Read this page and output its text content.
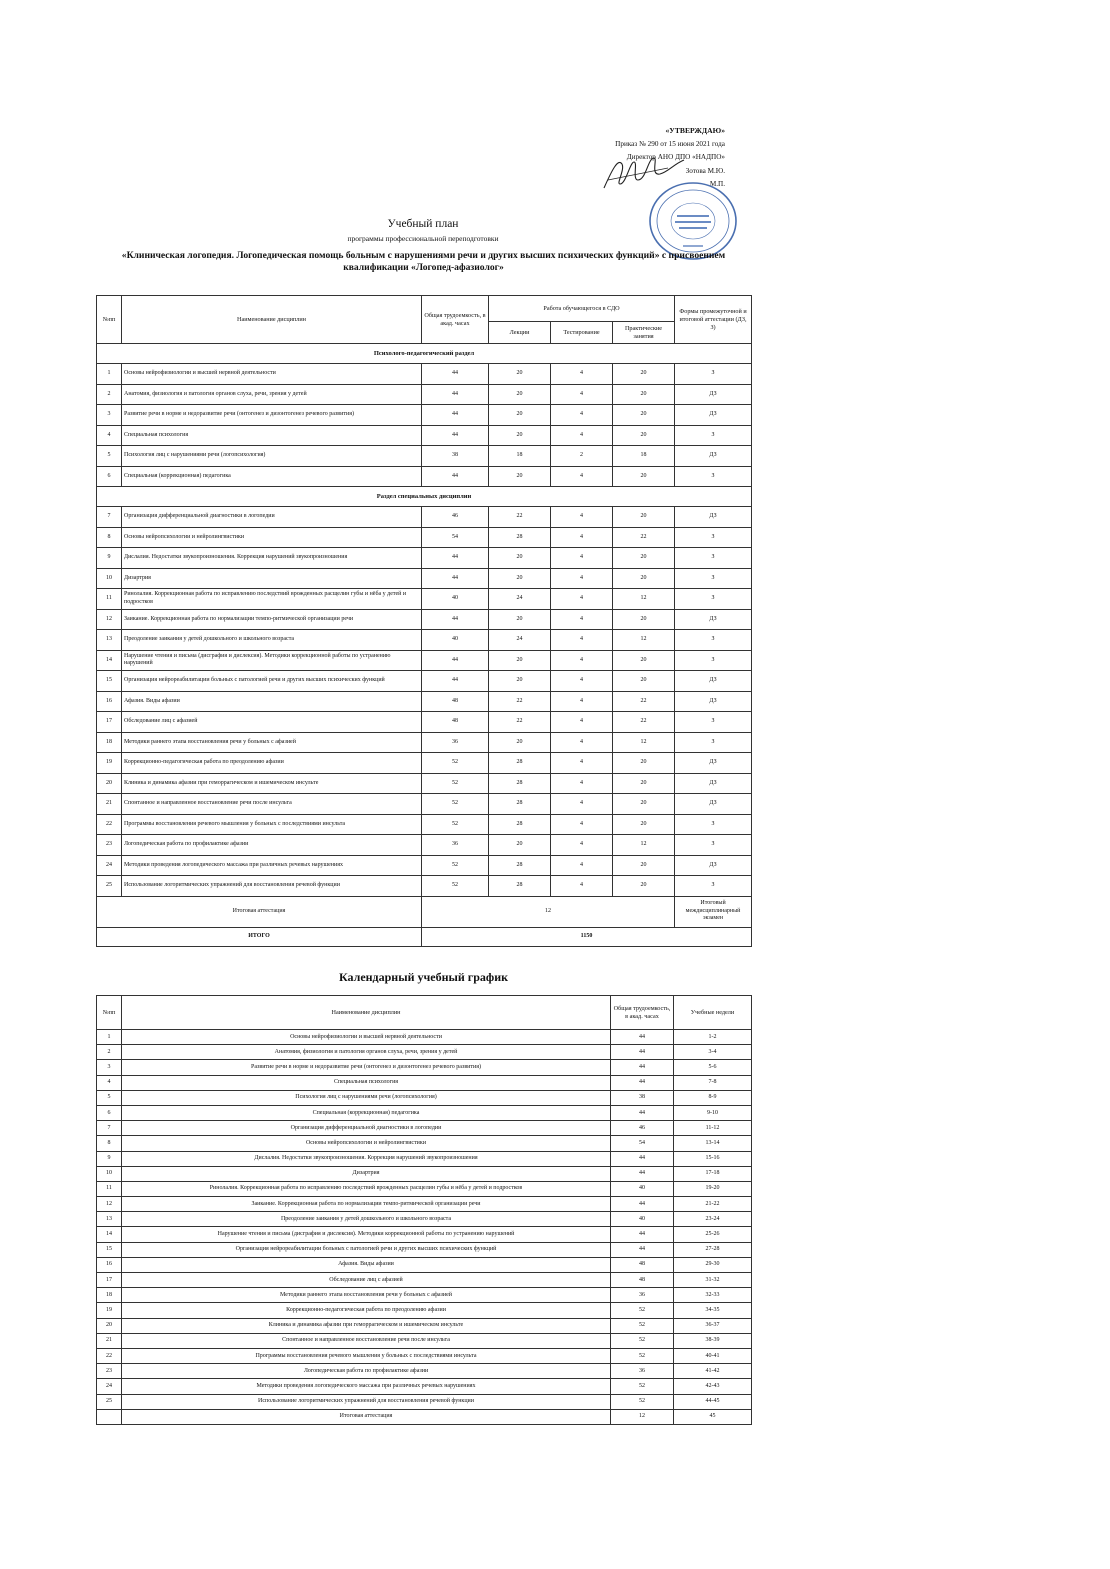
«УТВЕРЖДАЮ»
Приказ № 290 от 15 июня 2021 года
Директор АНО ДПО «НАДПО»
Зотова М.Ю.
М.П.
Учебный план
программы профессиональной переподготовки
«Клиническая логопедия. Логопедическая помощь больным с нарушениями речи и других высших психических функций» с присвоением квалификации «Логопед-афазиолог»
№пп	Наименование дисциплин	Общая трудоемкость, в акад. часах	Работа обучающегося в СДО			Формы промежуточной и итоговой аттестации (ДЗ, З)
			Лекции	Тестирование	Практические занятия	
Психолого-педагогический раздел						
1	Основы нейрофизиологии и высшей нервной деятельности	44	20	4	20	З
2	Анатомия, физиология и патология органов слуха, речи, зрения у детей	44	20	4	20	ДЗ
3	Развитие речи в норме и недоразвитие речи (онтогенез и дизонтогенез речевого развития)	44	20	4	20	ДЗ
4	Специальная психология	44	20	4	20	З
5	Психология лиц с нарушениями речи (логопсихология)	38	18	2	18	ДЗ
6	Специальная (коррекционная) педагогика	44	20	4	20	З
Раздел специальных дисциплин						
7	Организация дифференциальной диагностики в логопедии	46	22	4	20	ДЗ
8	Основы нейропсихологии и нейролингвистики	54	28	4	22	З
9	Дислалия. Недостатки звукопроизношения. Коррекция нарушений звукопроизношения	44	20	4	20	З
10	Дизартрия	44	20	4	20	З
11	Ринолалия. Коррекционная работа по исправлению последствий врожденных расщелин губы и нёба у детей и подростков	40	24	4	12	З
12	Заикание. Коррекционная работа по нормализации темпо-ритмической организации речи	44	20	4	20	ДЗ
13	Преодоление заикания у детей дошкольного и школьного возраста	40	24	4	12	З
14	Нарушение чтения и письма (дисграфия и дислексия). Методики коррекционной работы по устранению нарушений	44	20	4	20	З
15	Организация нейрореабилитации больных с патологией речи и других высших психических функций	44	20	4	20	ДЗ
16	Афазия. Виды афазии	48	22	4	22	ДЗ
17	Обследование лиц с афазией	48	22	4	22	З
18	Методики раннего этапа восстановления речи у больных с афазией	36	20	4	12	З
19	Коррекционно-педагогическая работа по преодолению афазии	52	28	4	20	ДЗ
20	Клиника и динамика афазии при геморрагическом и ишемическом инсульте	52	28	4	20	ДЗ
21	Спонтанное и направленное восстановление речи после инсульта	52	28	4	20	ДЗ
22	Программы восстановления речевого мышления у больных с последствиями инсульта	52	28	4	20	З
23	Логопедическая работа по профилактике афазии	36	20	4	12	З
24	Методики проведения логопедического массажа при различных речевых нарушениях	52	28	4	20	ДЗ
25	Использование логоритмических упражнений для восстановления речевой функции	52	28	4	20	З
Итоговая аттестация		12				Итоговый междисциплинарный экзамен
ИТОГО		1150				
Календарный учебный график
№пп	Наименование дисциплин	Общая трудоемкость, в акад. часах	Учебные недели
1	Основы нейрофизиологии и высшей нервной деятельности	44	1-2
2	Анатомия, физиология и патология органов слуха, речи, зрения у детей	44	3-4
3	Развитие речи в норме и недоразвитие речи (онтогенез и дизонтогенез речевого развития)	44	5-6
4	Специальная психология	44	7-8
5	Психология лиц с нарушениями речи (логопсихология)	38	8-9
6	Специальная (коррекционная) педагогика	44	9-10
7	Организация дифференциальной диагностики в логопедии	46	11-12
8	Основы нейропсихологии и нейролингвистики	54	13-14
9	Дислалия. Недостатки звукопроизношения. Коррекция нарушений звукопроизношения	44	15-16
10	Дизартрия	44	17-18
11	Ринолалия. Коррекционная работа по исправлению последствий врожденных расщелин губы и нёба у детей и подростков	40	19-20
12	Заикание. Коррекционная работа по нормализации темпо-ритмической организации речи	44	21-22
13	Преодоление заикания у детей дошкольного и школьного возраста	40	23-24
14	Нарушение чтения и письма (дисграфия и дислексия). Методики коррекционной работы по устранению нарушений	44	25-26
15	Организация нейрореабилитации больных с патологией речи и других высших психических функций	44	27-28
16	Афазия. Виды афазии	48	29-30
17	Обследование лиц с афазией	48	31-32
18	Методики раннего этапа восстановления речи у больных с афазией	36	32-33
19	Коррекционно-педагогическая работа по преодолению афазии	52	34-35
20	Клиника и динамика афазии при геморрагическом и ишемическом инсульте	52	36-37
21	Спонтанное и направленное восстановление речи после инсульта	52	38-39
22	Программы восстановления речевого мышления у больных с последствиями инсульта	52	40-41
23	Логопедическая работа по профилактике афазии	36	41-42
24	Методики проведения логопедического массажа при различных речевых нарушениях	52	42-43
25	Использование логоритмических упражнений для восстановления речевой функции	52	44-45
	Итоговая аттестация	12	45
